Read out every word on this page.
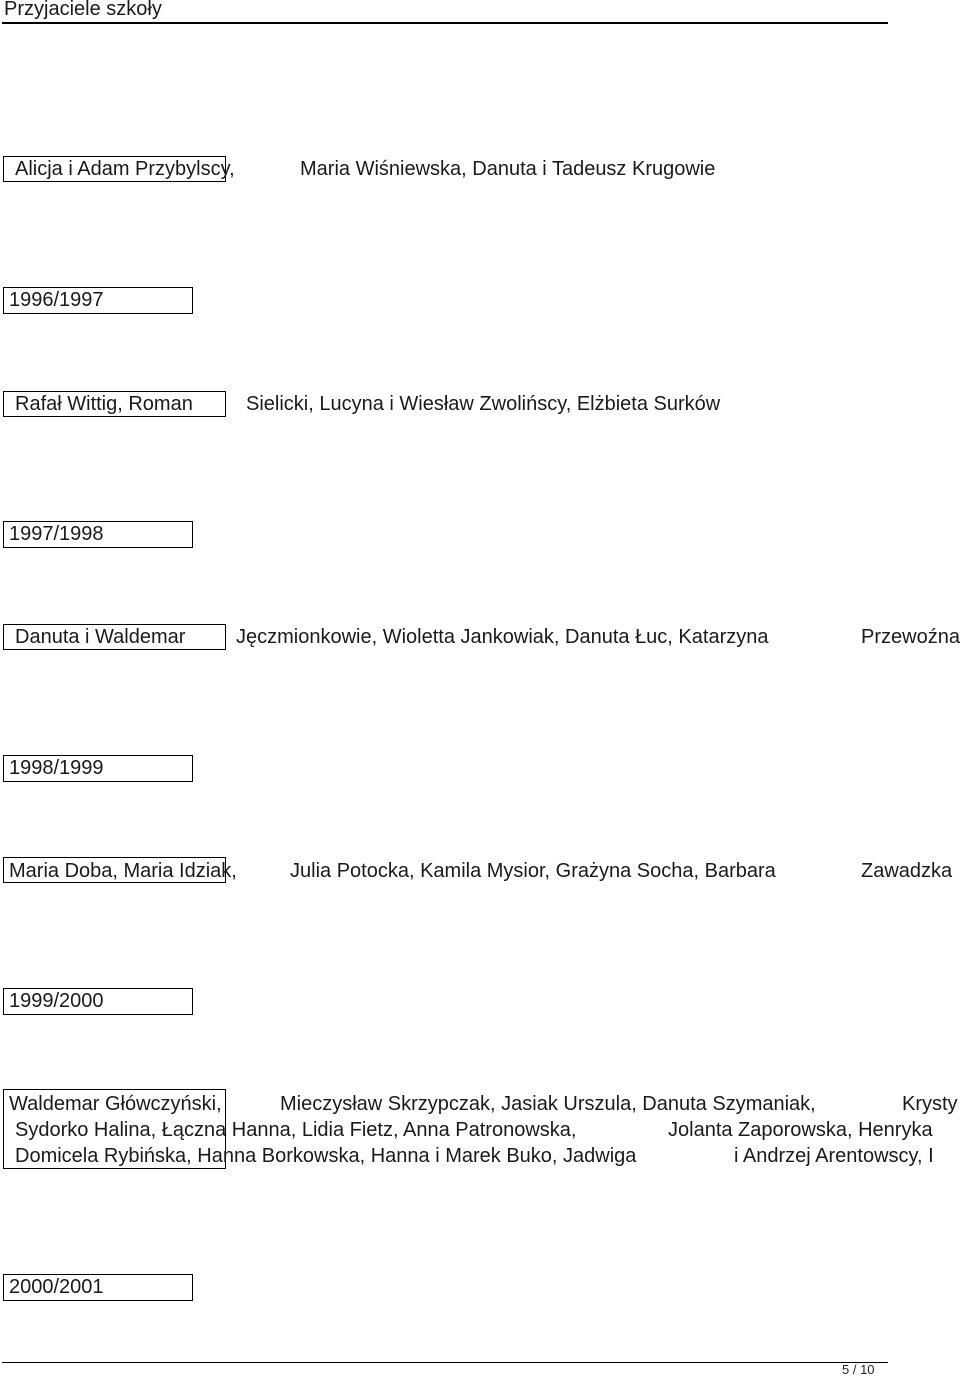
Przyjaciele szkoły
Alicja i Adam Przybylscy,	Maria Wiśniewska, Danuta i Tadeusz Krugowie
1996/1997
Rafał Wittig, Roman	Sielicki, Lucyna i Wiesław Zwolińscy, Elżbieta Surków
1997/1998
Danuta i Waldemar	Jęczmionkowie, Wioletta Jankowiak, Danuta Łuc, Katarzyna	Przewoźna
1998/1999
Maria Doba, Maria Idziak,	Julia Potocka, Kamila Mysior, Grażyna Socha, Barbara	Zawadzka
1999/2000
Waldemar Główczyński,	Mieczysław Skrzypczak, Jasiak Urszula, Danuta Szymaniak,	Krysty
Sydorko Halina, Łączna Hanna, Lidia Fietz, Anna Patronowska,	Jolanta Zaporowska, Henryka
Domicela Rybińska, Hanna Borkowska, Hanna i Marek Buko, Jadwiga	i Andrzej Arentowscy, I
2000/2001
5 / 10
